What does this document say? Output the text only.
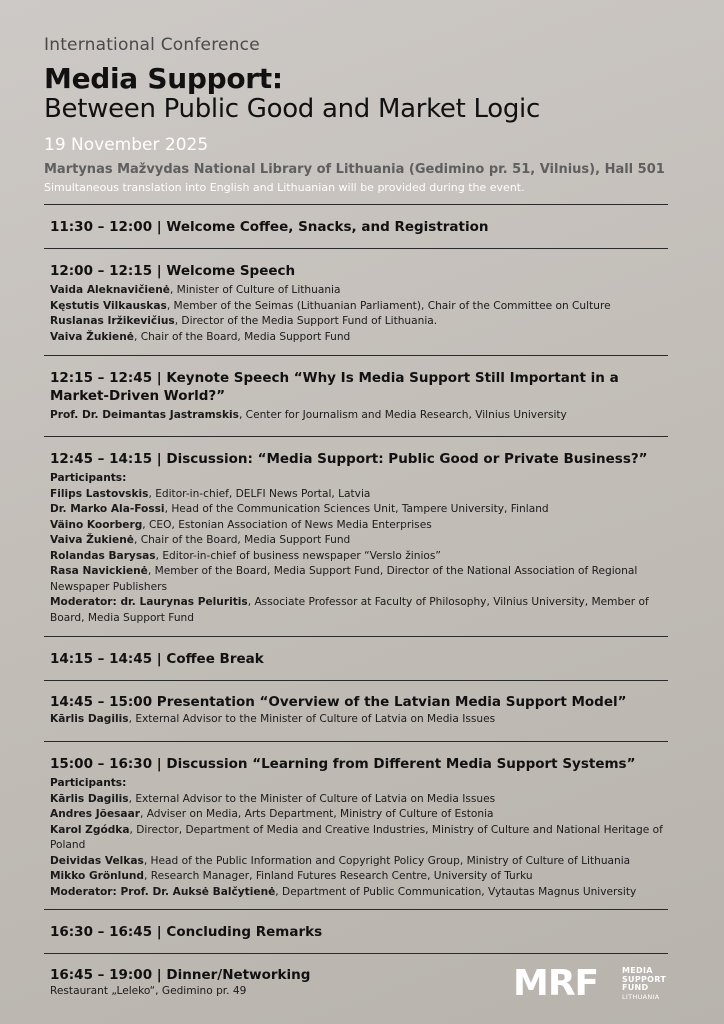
International Conference
Media Support:
Between Public Good and Market Logic
19 November 2025
Martynas Mažvydas National Library of Lithuania (Gedimino pr. 51, Vilnius), Hall 501
Simultaneous translation into English and Lithuanian will be provided during the event.
11:30 – 12:00 | Welcome Coffee, Snacks, and Registration
12:00 – 12:15 | Welcome Speech
Vaida Aleknavičienė, Minister of Culture of Lithuania
Kęstutis Vilkauskas, Member of the Seimas (Lithuanian Parliament), Chair of the Committee on Culture
Ruslanas Iržikevičius, Director of the Media Support Fund of Lithuania.
Vaiva Žukienė, Chair of the Board, Media Support Fund
12:15 – 12:45 | Keynote Speech “Why Is Media Support Still Important in a Market-Driven World?”
Prof. Dr. Deimantas Jastramskis, Center for Journalism and Media Research, Vilnius University
12:45 – 14:15 | Discussion: “Media Support: Public Good or Private Business?”
Participants:
Filips Lastovskis, Editor-in-chief, DELFI News Portal, Latvia
Dr. Marko Ala-Fossi, Head of the Communication Sciences Unit, Tampere University, Finland
Väino Koorberg, CEO, Estonian Association of News Media Enterprises
Vaiva Žukienė, Chair of the Board, Media Support Fund
Rolandas Barysas, Editor-in-chief of business newspaper “Verslo žinios”
Rasa Navickienė, Member of the Board, Media Support Fund, Director of the National Association of Regional Newspaper Publishers
Moderator: dr. Laurynas Peluritis, Associate Professor at Faculty of Philosophy, Vilnius University, Member of Board, Media Support Fund
14:15 – 14:45 | Coffee Break
14:45 – 15:00 Presentation “Overview of the Latvian Media Support Model”
Kārlis Dagilis, External Advisor to the Minister of Culture of Latvia on Media Issues
15:00 – 16:30 | Discussion “Learning from Different Media Support Systems”
Participants:
Kārlis Dagilis, External Advisor to the Minister of Culture of Latvia on Media Issues
Andres Jõesaar, Adviser on Media, Arts Department, Ministry of Culture of Estonia
Karol Zgódka, Director, Department of Media and Creative Industries, Ministry of Culture and National Heritage of Poland
Deividas Velkas, Head of the Public Information and Copyright Policy Group, Ministry of Culture of Lithuania
Mikko Grönlund, Research Manager, Finland Futures Research Centre, University of Turku
Moderator: Prof. Dr. Auksė Balčytienė, Department of Public Communication, Vytautas Magnus University
16:30 – 16:45 | Concluding Remarks
16:45 – 19:00 | Dinner/Networking
Restaurant „Leleko“, Gedimino pr. 49	MRF	MEDIA
SUPPORT
FUND
LITHUANIA
